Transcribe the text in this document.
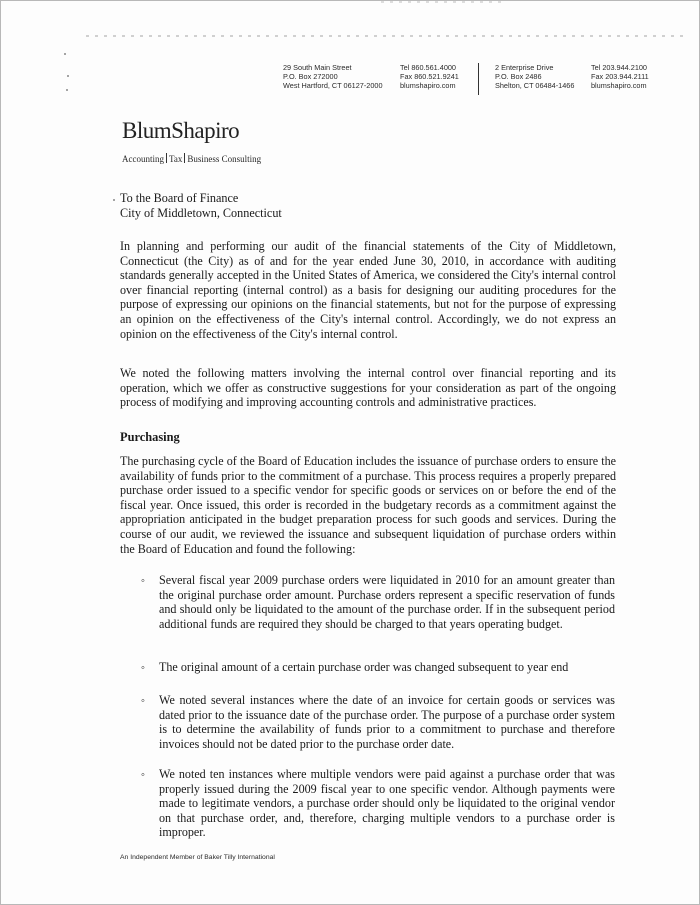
29 South Main Street
P.O. Box 272000
West Hartford, CT 06127-2000
Tel 860.561.4000
Fax 860.521.9241
blumshapiro.com
2 Enterprise Drive
P.O. Box 2486
Shelton, CT 06484-1466
Tel 203.944.2100
Fax 203.944.2111
blumshapiro.com
BlumShapiro
Accounting Tax Business Consulting
To the Board of Finance
City of Middletown, Connecticut
In planning and performing our audit of the financial statements of the City of Middletown, Connecticut (the City) as of and for the year ended June 30, 2010, in accordance with auditing standards generally accepted in the United States of America, we considered the City's internal control over financial reporting (internal control) as a basis for designing our auditing procedures for the purpose of expressing our opinions on the financial statements, but not for the purpose of expressing an opinion on the effectiveness of the City's internal control. Accordingly, we do not express an opinion on the effectiveness of the City's internal control.
We noted the following matters involving the internal control over financial reporting and its operation, which we offer as constructive suggestions for your consideration as part of the ongoing process of modifying and improving accounting controls and administrative practices.
Purchasing
The purchasing cycle of the Board of Education includes the issuance of purchase orders to ensure the availability of funds prior to the commitment of a purchase. This process requires a properly prepared purchase order issued to a specific vendor for specific goods or services on or before the end of the fiscal year. Once issued, this order is recorded in the budgetary records as a commitment against the appropriation anticipated in the budget preparation process for such goods and services. During the course of our audit, we reviewed the issuance and subsequent liquidation of purchase orders within the Board of Education and found the following:
◦ Several fiscal year 2009 purchase orders were liquidated in 2010 for an amount greater than the original purchase order amount. Purchase orders represent a specific reservation of funds and should only be liquidated to the amount of the purchase order. If in the subsequent period additional funds are required they should be charged to that years operating budget.
◦ The original amount of a certain purchase order was changed subsequent to year end
◦ We noted several instances where the date of an invoice for certain goods or services was dated prior to the issuance date of the purchase order. The purpose of a purchase order system is to determine the availability of funds prior to a commitment to purchase and therefore invoices should not be dated prior to the purchase order date.
◦ We noted ten instances where multiple vendors were paid against a purchase order that was properly issued during the 2009 fiscal year to one specific vendor. Although payments were made to legitimate vendors, a purchase order should only be liquidated to the original vendor on that purchase order, and, therefore, charging multiple vendors to a purchase order is improper.
An Independent Member of Baker Tilly International
